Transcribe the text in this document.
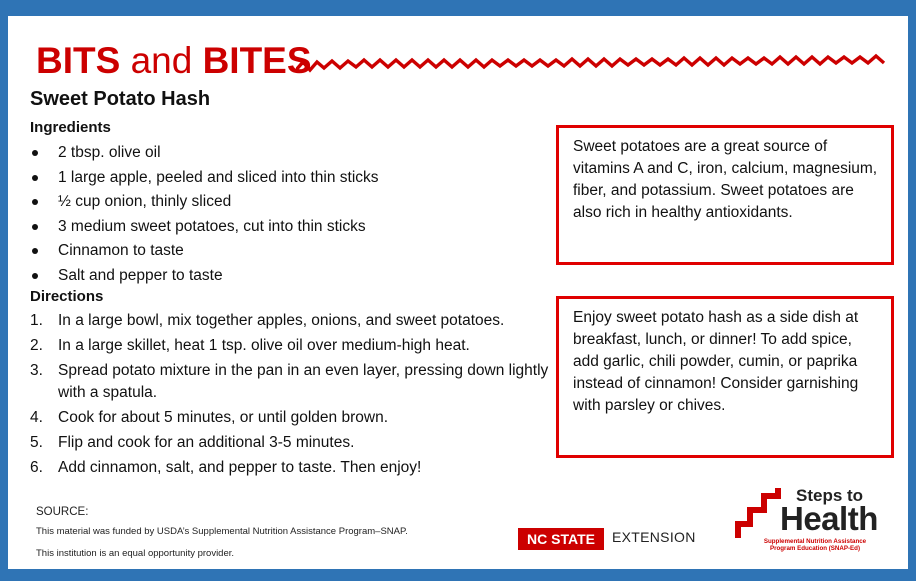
BITS and BITES
Sweet Potato Hash
Ingredients
2 tbsp. olive oil
1 large apple, peeled and sliced into thin sticks
½ cup onion, thinly sliced
3 medium sweet potatoes, cut into thin sticks
Cinnamon to taste
Salt and pepper to taste
Directions
1. In a large bowl, mix together apples, onions, and sweet potatoes.
2. In a large skillet, heat 1 tsp. olive oil over medium-high heat.
3. Spread potato mixture in the pan in an even layer, pressing down lightly with a spatula.
4. Cook for about 5 minutes, or until golden brown.
5. Flip and cook for an additional 3-5 minutes.
6. Add cinnamon, salt, and pepper to taste. Then enjoy!
Sweet potatoes are a great source of vitamins A and C, iron, calcium, magnesium, fiber, and potassium. Sweet potatoes are also rich in healthy antioxidants.
Enjoy sweet potato hash as a side dish at breakfast, lunch, or dinner! To add spice, add garlic, chili powder, cumin, or paprika instead of cinnamon! Consider garnishing with parsley or chives.
SOURCE:
This material was funded by USDA’s Supplemental Nutrition Assistance Program–SNAP.
This institution is an equal opportunity provider.
NC STATE	EXTENSION
Steps to
Health
Supplemental Nutrition Assistance Program Education (SNAP-Ed)
